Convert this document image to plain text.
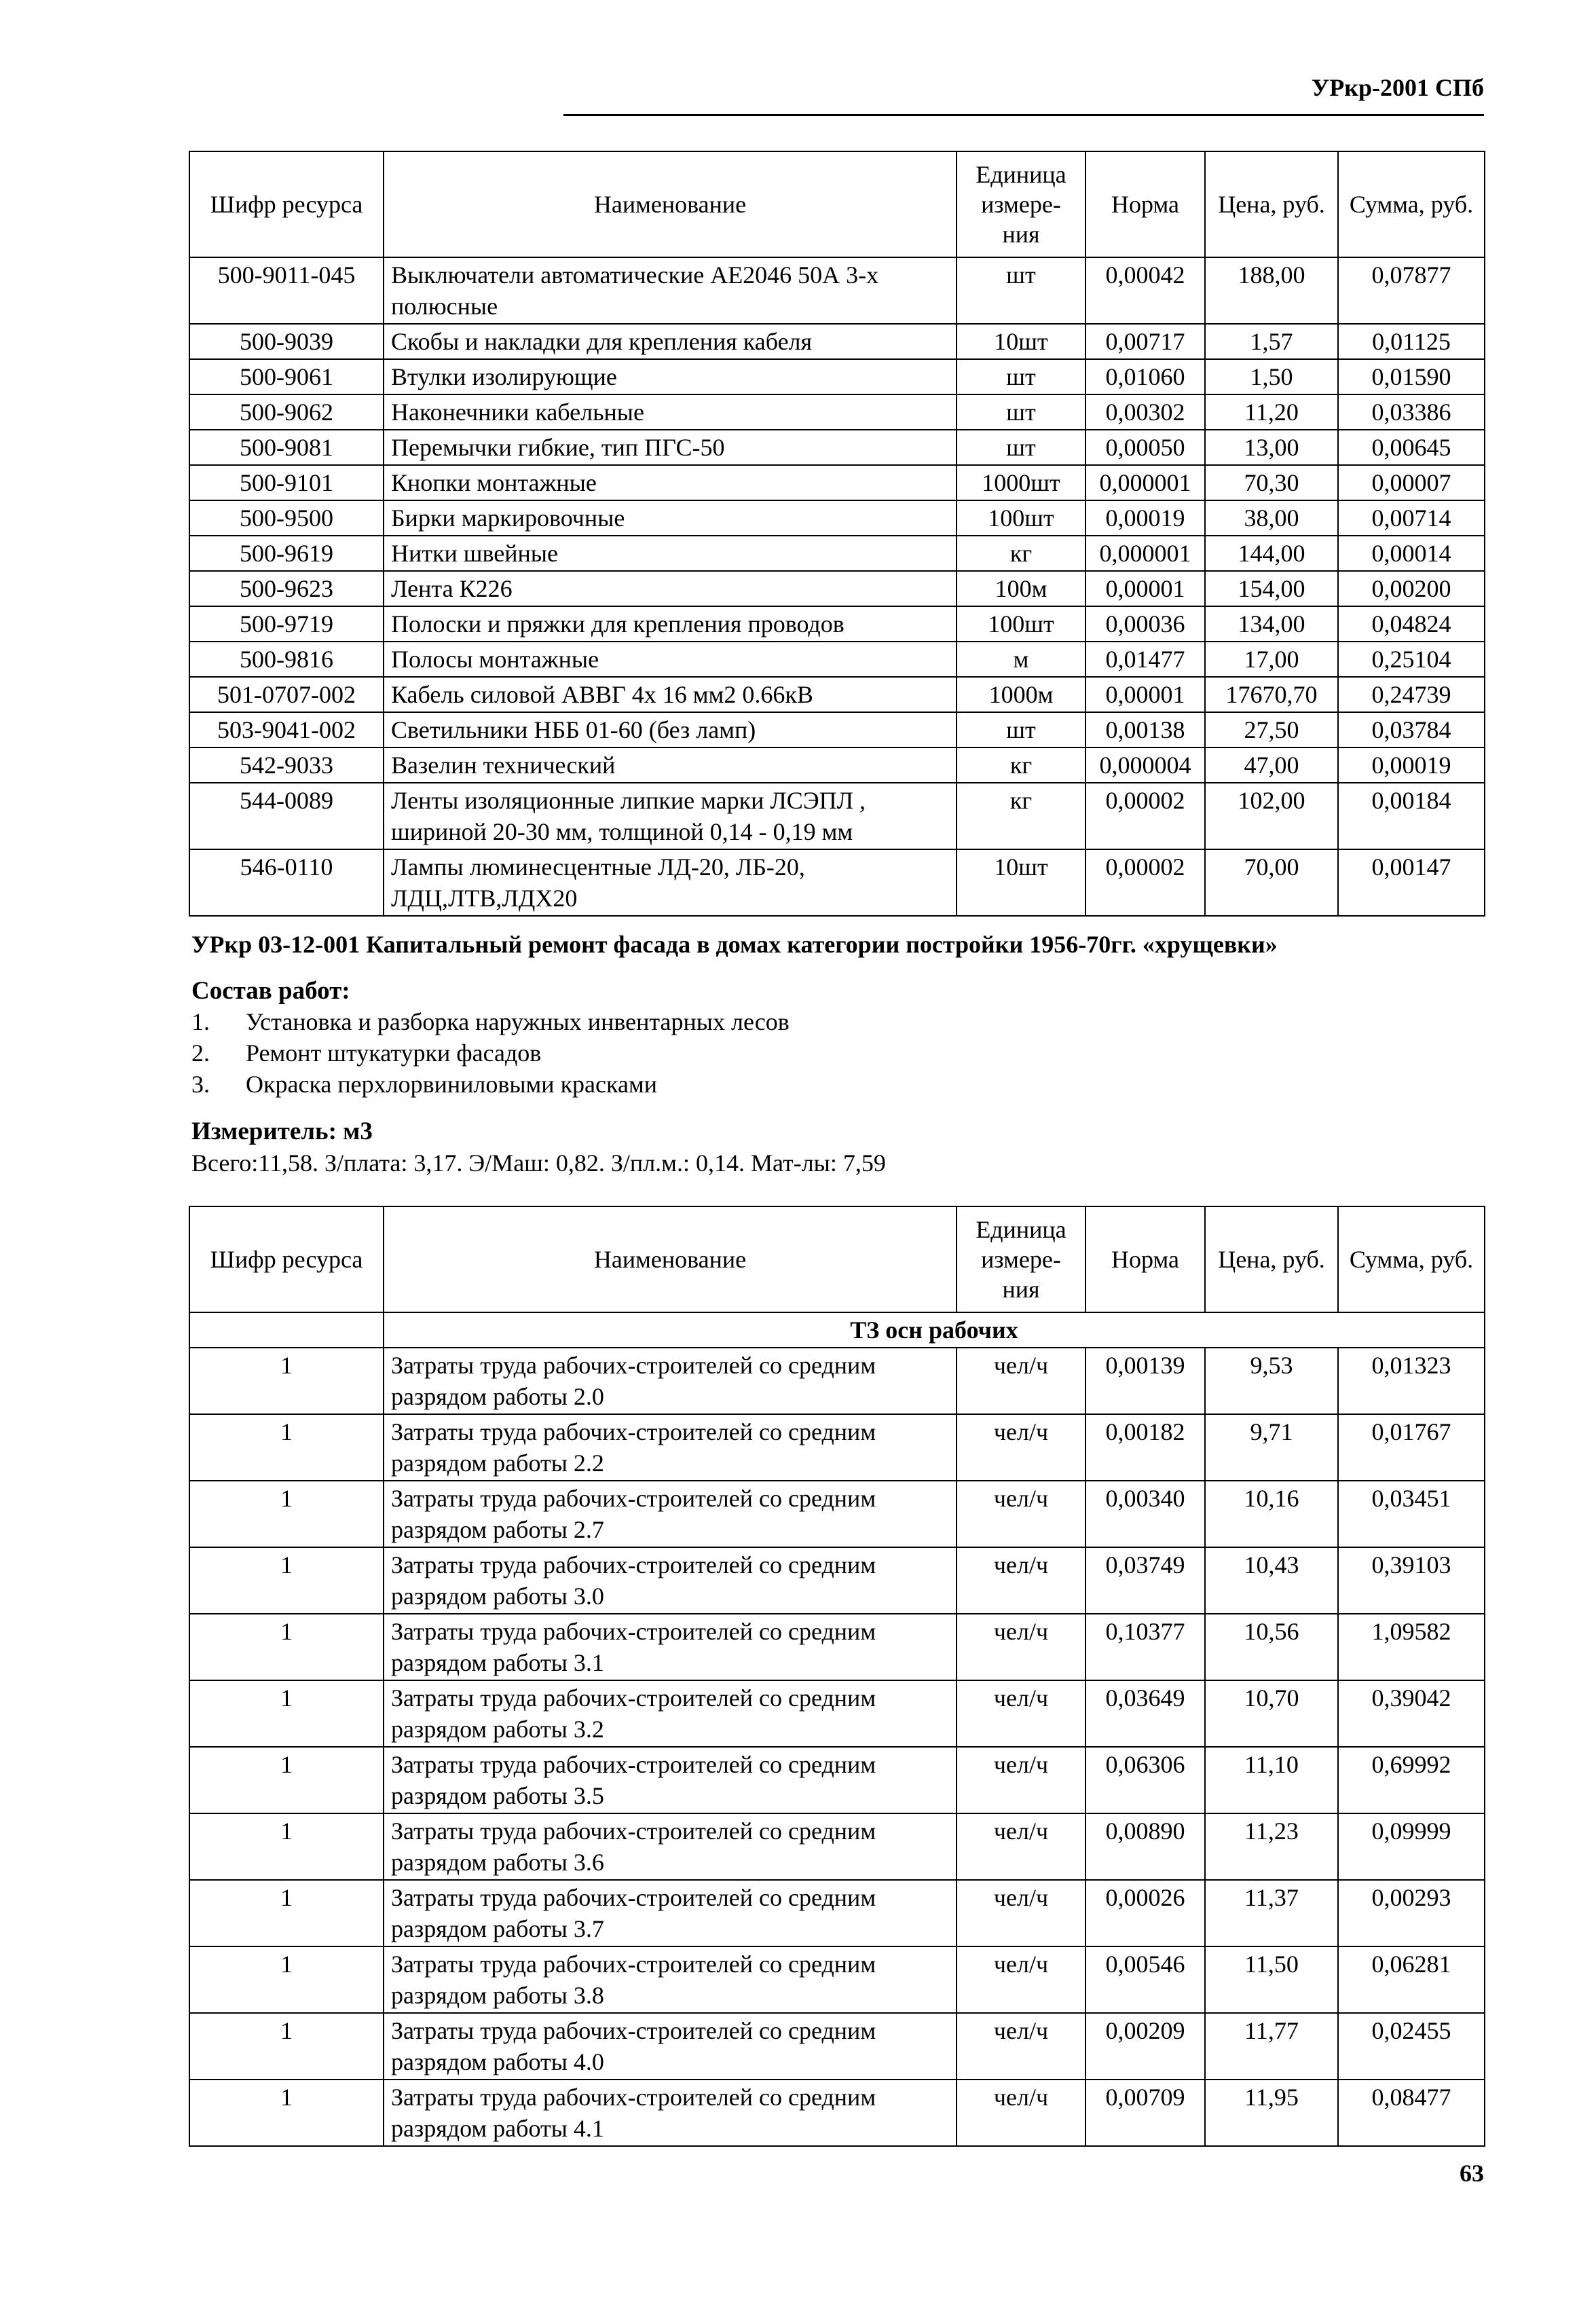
УРкр-2001 СПб
Шифр ресурса	Наименование	Единица измере-ния	Норма	Цена, руб.	Сумма, руб.
500-9011-045	Выключатели автоматические АЕ2046 50А 3-х полюсные	шт	0,00042	188,00	0,07877
500-9039	Скобы и накладки для крепления кабеля	10шт	0,00717	1,57	0,01125
500-9061	Втулки изолирующие	шт	0,01060	1,50	0,01590
500-9062	Наконечники кабельные	шт	0,00302	11,20	0,03386
500-9081	Перемычки гибкие, тип ПГС-50	шт	0,00050	13,00	0,00645
500-9101	Кнопки монтажные	1000шт	0,000001	70,30	0,00007
500-9500	Бирки маркировочные	100шт	0,00019	38,00	0,00714
500-9619	Нитки швейные	кг	0,000001	144,00	0,00014
500-9623	Лента К226	100м	0,00001	154,00	0,00200
500-9719	Полоски и пряжки для крепления проводов	100шт	0,00036	134,00	0,04824
500-9816	Полосы монтажные	м	0,01477	17,00	0,25104
501-0707-002	Кабель силовой АВВГ 4х 16 мм2 0.66кВ	1000м	0,00001	17670,70	0,24739
503-9041-002	Светильники НББ 01-60 (без ламп)	шт	0,00138	27,50	0,03784
542-9033	Вазелин технический	кг	0,000004	47,00	0,00019
544-0089	Ленты изоляционные липкие марки ЛСЭПЛ , шириной 20-30 мм, толщиной 0,14 - 0,19 мм	кг	0,00002	102,00	0,00184
546-0110	Лампы люминесцентные ЛД-20, ЛБ-20, ЛДЦ,ЛТВ,ЛДХ20	10шт	0,00002	70,00	0,00147
УРкр 03-12-001 Капитальный ремонт фасада в домах категории постройки 1956-70гг. «хрущевки»
Состав работ:
1. Установка и разборка наружных инвентарных лесов
2. Ремонт штукатурки фасадов
3. Окраска перхлорвиниловыми красками
Измеритель: м3
Всего:11,58. З/плата: 3,17. Э/Маш: 0,82. З/пл.м.: 0,14. Мат-лы: 7,59
Шифр ресурса	Наименование	Единица измере-ния	Норма	Цена, руб.	Сумма, руб.
	ТЗ осн рабочих				
1	Затраты труда рабочих-строителей со средним разрядом работы 2.0	чел/ч	0,00139	9,53	0,01323
1	Затраты труда рабочих-строителей со средним разрядом работы 2.2	чел/ч	0,00182	9,71	0,01767
1	Затраты труда рабочих-строителей со средним разрядом работы 2.7	чел/ч	0,00340	10,16	0,03451
1	Затраты труда рабочих-строителей со средним разрядом работы 3.0	чел/ч	0,03749	10,43	0,39103
1	Затраты труда рабочих-строителей со средним разрядом работы 3.1	чел/ч	0,10377	10,56	1,09582
1	Затраты труда рабочих-строителей со средним разрядом работы 3.2	чел/ч	0,03649	10,70	0,39042
1	Затраты труда рабочих-строителей со средним разрядом работы 3.5	чел/ч	0,06306	11,10	0,69992
1	Затраты труда рабочих-строителей со средним разрядом работы 3.6	чел/ч	0,00890	11,23	0,09999
1	Затраты труда рабочих-строителей со средним разрядом работы 3.7	чел/ч	0,00026	11,37	0,00293
1	Затраты труда рабочих-строителей со средним разрядом работы 3.8	чел/ч	0,00546	11,50	0,06281
1	Затраты труда рабочих-строителей со средним разрядом работы 4.0	чел/ч	0,00209	11,77	0,02455
1	Затраты труда рабочих-строителей со средним разрядом работы 4.1	чел/ч	0,00709	11,95	0,08477
63
